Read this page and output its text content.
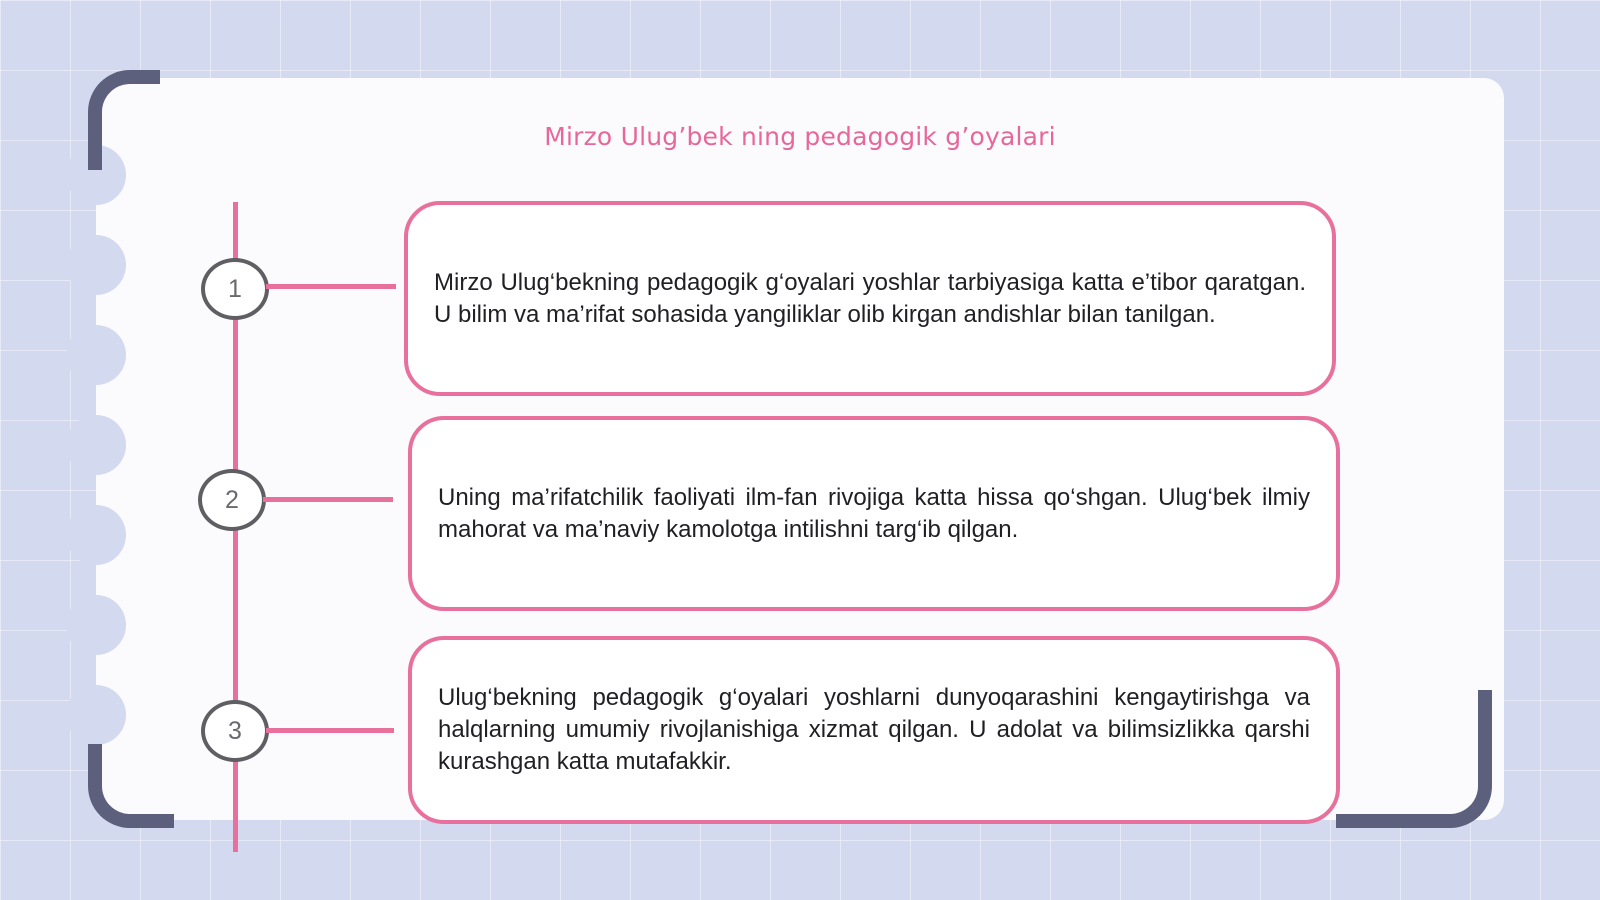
Mirzo Ulug’bek ning pedagogik g’oyalari
1	Mirzo Ulug‘bekning pedagogik g‘oyalari yoshlar tarbiyasiga katta e’tibor qaratgan. U bilim va ma’rifat sohasida yangiliklar olib kirgan andishlar bilan tanilgan.

2	Uning ma’rifatchilik faoliyati ilm-fan rivojiga katta hissa qo‘shgan. Ulug‘bek ilmiy mahorat va ma’naviy kamolotga intilishni targ‘ib qilgan.

3

Ulug‘bekning pedagogik g‘oyalari yoshlarni dunyoqarashini kengaytirishga va halqlarning umumiy rivojlanishiga xizmat qilgan. U adolat va bilimsizlikka qarshi kurashgan katta mutafakkir.
